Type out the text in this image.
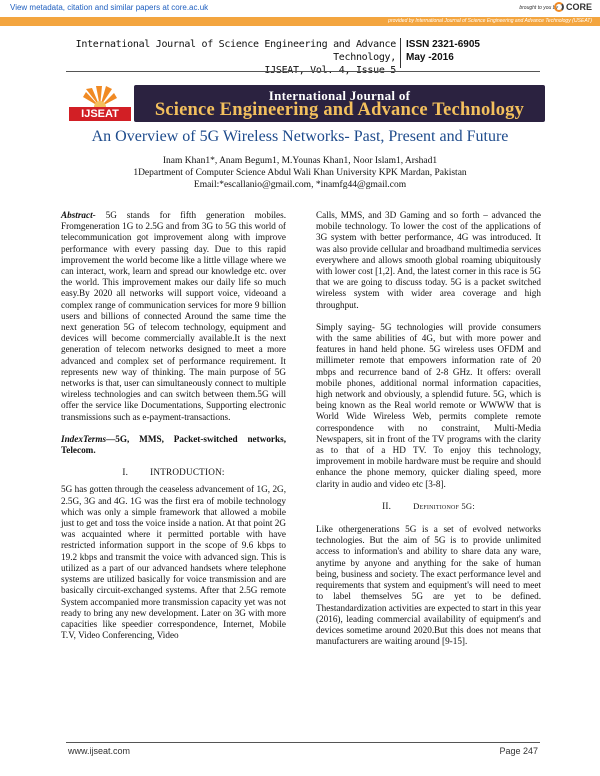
View metadata, citation and similar papers at core.ac.uk	brought to you by CORE
provided by International Journal of Science Engineering and Advance Technology (IJSEAT)
International Journal of Science Engineering and Advance Technology,
ISSN 2321-6905
May -2016
IJSEAT
International Journal of
Science Engineering and Advance Technology
An Overview of 5G Wireless Networks- Past, Present and Future
Inam Khan1*, Anam Begum1, M.Younas Khan1, Noor Islam1, Arshad1
1Department of Computer Science Abdul Wali Khan University KPK Mardan, Pakistan
Email:*escallanio@gmail.com, *inamfg44@gmail.com

Abstract- 5G stands for fifth generation mobiles. Fromgeneration 1G to 2.5G and from 3G to 5G this world of telecommunication got improvement along with improve performance with every passing day. Due to this rapid improvement the world become like a little village where we can interact, work, learn and spread our knowledge etc. over the world. This improvement makes our daily life so much easy.By 2020 all networks will support voice, videoand a complex range of communication services for more 9 billion users and billions of connected Around the same time the next generation 5G of telecom technology, equipment and devices will become commercially available.It is the next generation of telecom networks designed to meet a more advanced and complex set of performance requirement. It represents new way of thinking. The main purpose of 5G networks is that, user can simultaneously connect to multiple wireless technologies and can switch between them.5G will offer the service like Documentations, Supporting electronic transmissions such as e-payment-transactions.

IndexTerms—5G, MMS, Packet-switched networks, Telecom.

I. INTRODUCTION:

5G has gotten through the ceaseless advancement of 1G, 2G, 2.5G, 3G and 4G. 1G was the first era of mobile technology which was only a simple framework that allowed a mobile just to get and toss the voice inside a nation. At that point 2G was acquainted where it permitted portable with have restricted information support in the scope of 9.6 kbps to 19.2 kbps and transmit the voice with advanced sign. This is utilized as a part of our advanced handsets where telephone systems are utilized basically for voice transmission and are basically circuit-exchanged systems. After that 2.5G remote System accompanied more transmission capacity yet was not ready to bring any new development. Later on 3G with more capacities like speedier correspondence, Internet, Mobile T.V, Video Conferencing, Video

Calls, MMS, and 3D Gaming and so forth – advanced the mobile technology. To lower the cost of the applications of 3G system with better performance, 4G was introduced. It was also provide cellular and broadband multimedia services everywhere and allows smooth global roaming ubiquitously with lower cost [1,2]. And, the latest corner in this race is 5G that we are going to discuss today. 5G is a packet switched wireless system with wider area coverage and high throughput.

Simply saying- 5G technologies will provide consumers with the same abilities of 4G, but with more power and features in hand held phone. 5G wireless uses OFDM and millimeter remote that empowers information rate of 20 mbps and recurrence band of 2-8 GHz. It offers: overall mobile phones, additional normal information capacities, high network and obviously, a splendid future. 5G, which is being known as the Real world remote or WWWW that is World Wide Wireless Web, permits complete remote correspondence with no constraint, Multi-Media Newspapers, sit in front of the TV programs with the clarity as to that of a HD TV. To enjoy this technology, improvement in mobile hardware must be require and should enhance the phone memory, quicker dialing speed, more clarity in audio and video etc [3-8].

II.	Definitionof 5G:

Like othergenerations 5G is a set of evolved networks technologies. But the aim of 5G is to provide unlimited access to information's and ability to share data any ware, anytime by anyone and anything for the sake of human being, business and society. The exact performance level and requirements that system and equipment's will need to meet to label themselves 5G are yet to be defined. Thestandardization activities are expected to start in this year (2016), leading commercial availability of equipment's and devices sometime around 2020.But this does not means that manufacturers are waiting around [9-15].

www.ijseat.com	Page 247
